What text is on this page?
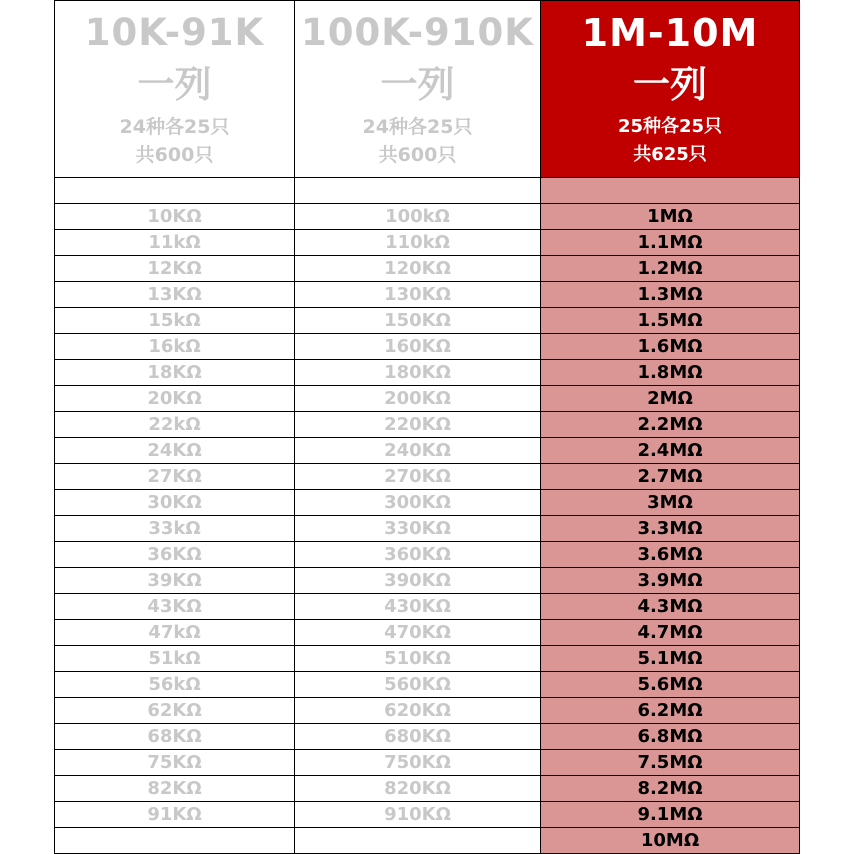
10K-91K
一列
24种各25只
共600只
10KΩ
11kΩ
12KΩ
13KΩ
15kΩ
16kΩ
18KΩ
20KΩ
22kΩ
24KΩ
27KΩ
30KΩ
33kΩ
36KΩ
39KΩ
43KΩ
47kΩ
51kΩ
56kΩ
62KΩ
68KΩ
75KΩ
82KΩ
91KΩ
100K-910K
一列
24种各25只
共600只
100kΩ
110kΩ
120KΩ
130KΩ
150KΩ
160KΩ
180KΩ
200KΩ
220KΩ
240KΩ
270KΩ
300KΩ
330KΩ
360KΩ
390KΩ
430KΩ
470KΩ
510KΩ
560KΩ
620KΩ
680KΩ
750KΩ
820KΩ
910KΩ
1M-10M
一列
25种各25只
共625只
1MΩ
1.1MΩ
1.2MΩ
1.3MΩ
1.5MΩ
1.6MΩ
1.8MΩ
2MΩ
2.2MΩ
2.4MΩ
2.7MΩ
3MΩ
3.3MΩ
3.6MΩ
3.9MΩ
4.3MΩ
4.7MΩ
5.1MΩ
5.6MΩ
6.2MΩ
6.8MΩ
7.5MΩ
8.2MΩ
9.1MΩ
10MΩ
